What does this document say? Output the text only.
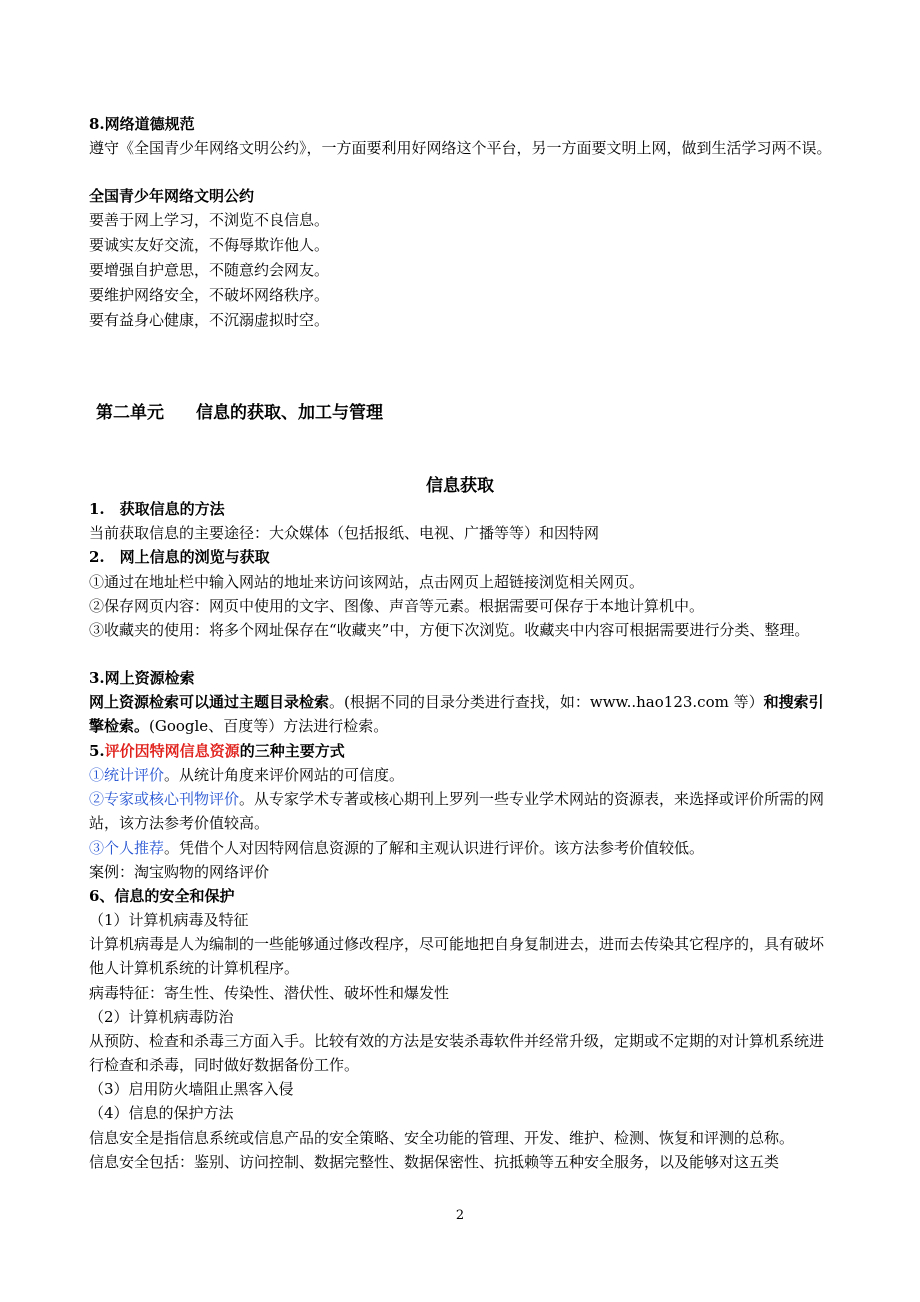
8.网络道德规范
遵守《全国青少年网络文明公约》，一方面要利用好网络这个平台，另一方面要文明上网，做到生活学习两不误。
全国青少年网络文明公约
要善于网上学习，不浏览不良信息。
要诚实友好交流，不侮辱欺诈他人。
要增强自护意思，不随意约会网友。
要维护网络安全，不破坏网络秩序。
要有益身心健康，不沉溺虚拟时空。
第二单元 信息的获取、加工与管理
信息获取
1.　获取信息的方法
当前获取信息的主要途径：大众媒体（包括报纸、电视、广播等等）和因特网
2.　网上信息的浏览与获取
①通过在地址栏中输入网站的地址来访问该网站，点击网页上超链接浏览相关网页。
②保存网页内容：网页中使用的文字、图像、声音等元素。根据需要可保存于本地计算机中。
③收藏夹的使用：将多个网址保存在“收藏夹”中，方便下次浏览。收藏夹中内容可根据需要进行分类、整理。
3.网上资源检索
网上资源检索可以通过主题目录检索。(根据不同的目录分类进行查找，如：www..hao123.com 等）和搜索引擎检索。(Google、百度等）方法进行检索。
5.评价因特网信息资源的三种主要方式
①统计评价。从统计角度来评价网站的可信度。
②专家或核心刊物评价。从专家学术专著或核心期刊上罗列一些专业学术网站的资源表，来选择或评价所需的网站，该方法参考价值较高。
③个人推荐。凭借个人对因特网信息资源的了解和主观认识进行评价。该方法参考价值较低。
案例：淘宝购物的网络评价
6、信息的安全和保护
（1）计算机病毒及特征
计算机病毒是人为编制的一些能够通过修改程序，尽可能地把自身复制进去，进而去传染其它程序的，具有破坏他人计算机系统的计算机程序。
病毒特征：寄生性、传染性、潜伏性、破坏性和爆发性
（2）计算机病毒防治
从预防、检查和杀毒三方面入手。比较有效的方法是安装杀毒软件并经常升级，定期或不定期的对计算机系统进行检查和杀毒，同时做好数据备份工作。
（3）启用防火墙阻止黑客入侵
（4）信息的保护方法
信息安全是指信息系统或信息产品的安全策略、安全功能的管理、开发、维护、检测、恢复和评测的总称。
信息安全包括：鉴别、访问控制、数据完整性、数据保密性、抗抵赖等五种安全服务，以及能够对这五类
2
